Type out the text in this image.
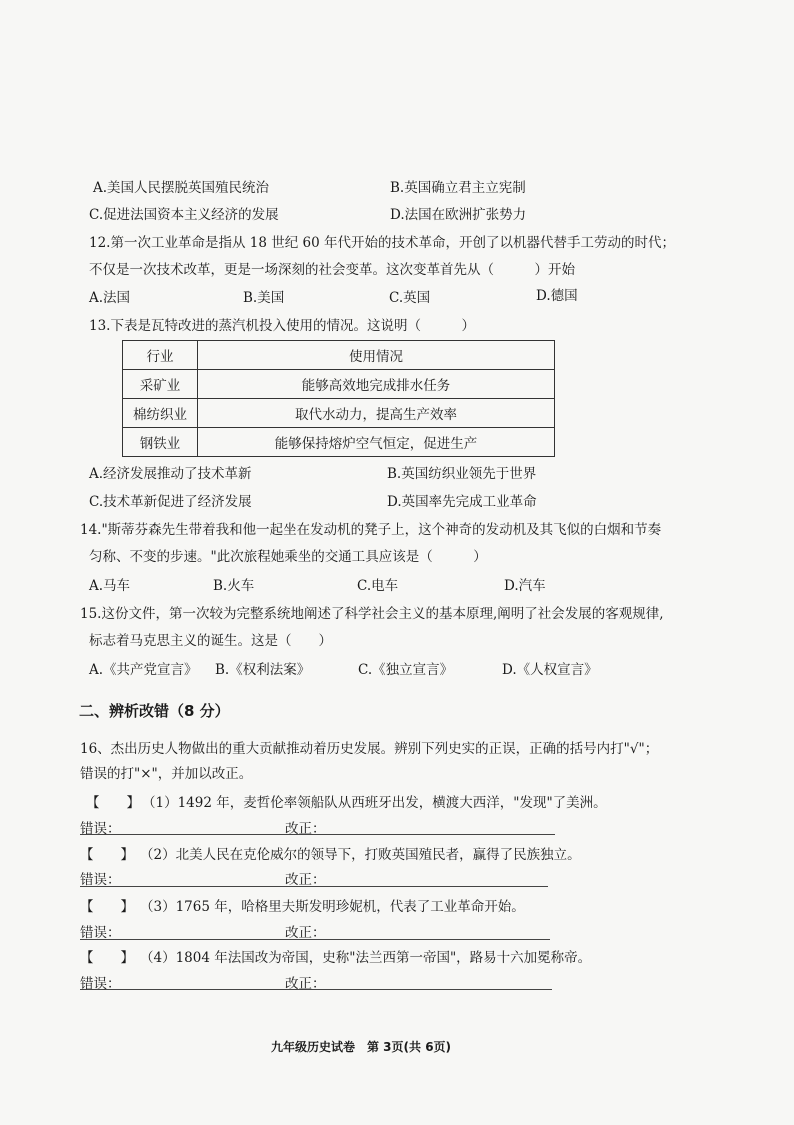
A.美国人民摆脱英国殖民统治	B.英国确立君主立宪制
C.促进法国资本主义经济的发展	D.法国在欧洲扩张势力
12.第一次工业革命是指从 18 世纪 60 年代开始的技术革命，开创了以机器代替手工劳动的时代；
不仅是一次技术改革，更是一场深刻的社会变革。这次变革首先从（　　　）开始
A.法国	B.美国	C.英国	D.德国
13.下表是瓦特改进的蒸汽机投入使用的情况。这说明（　　　）
行业	使用情况
采矿业	能够高效地完成排水任务
棉纺织业	取代水动力，提高生产效率
钢铁业	能够保持熔炉空气恒定，促进生产
A.经济发展推动了技术革新	B.英国纺织业领先于世界
C.技术革新促进了经济发展	D.英国率先完成工业革命
14."斯蒂芬森先生带着我和他一起坐在发动机的凳子上，这个神奇的发动机及其飞似的白烟和节奏
匀称、不变的步速。"此次旅程她乘坐的交通工具应该是（　　　）
A.马车	B.火车	C.电车	D.汽车
15.这份文件，第一次较为完整系统地阐述了科学社会主义的基本原理,阐明了社会发展的客观规律,
标志着马克思主义的诞生。这是（　　）
A.《共产党宣言》 B.《权利法案》	C.《独立宣言》	D.《人权宣言》
二、辨析改错（8 分）
16、杰出历史人物做出的重大贡献推动着历史发展。辨别下列史实的正误，正确的括号内打"√"；
错误的打"×"，并加以改正。
【　　】 （1）1492 年，麦哲伦率领船队从西班牙出发，横渡大西洋，"发现"了美洲。
错误：	改正：
【　　】 （2）北美人民在克伦威尔的领导下，打败英国殖民者，赢得了民族独立。
错误：	改正：
【　　】 （3）1765 年，哈格里夫斯发明珍妮机，代表了工业革命开始。
错误：	改正：
【　　】 （4）1804 年法国改为帝国，史称"法兰西第一帝国"，路易十六加冕称帝。
错误：	改正：
九年级历史试卷　第 3页(共 6页)
